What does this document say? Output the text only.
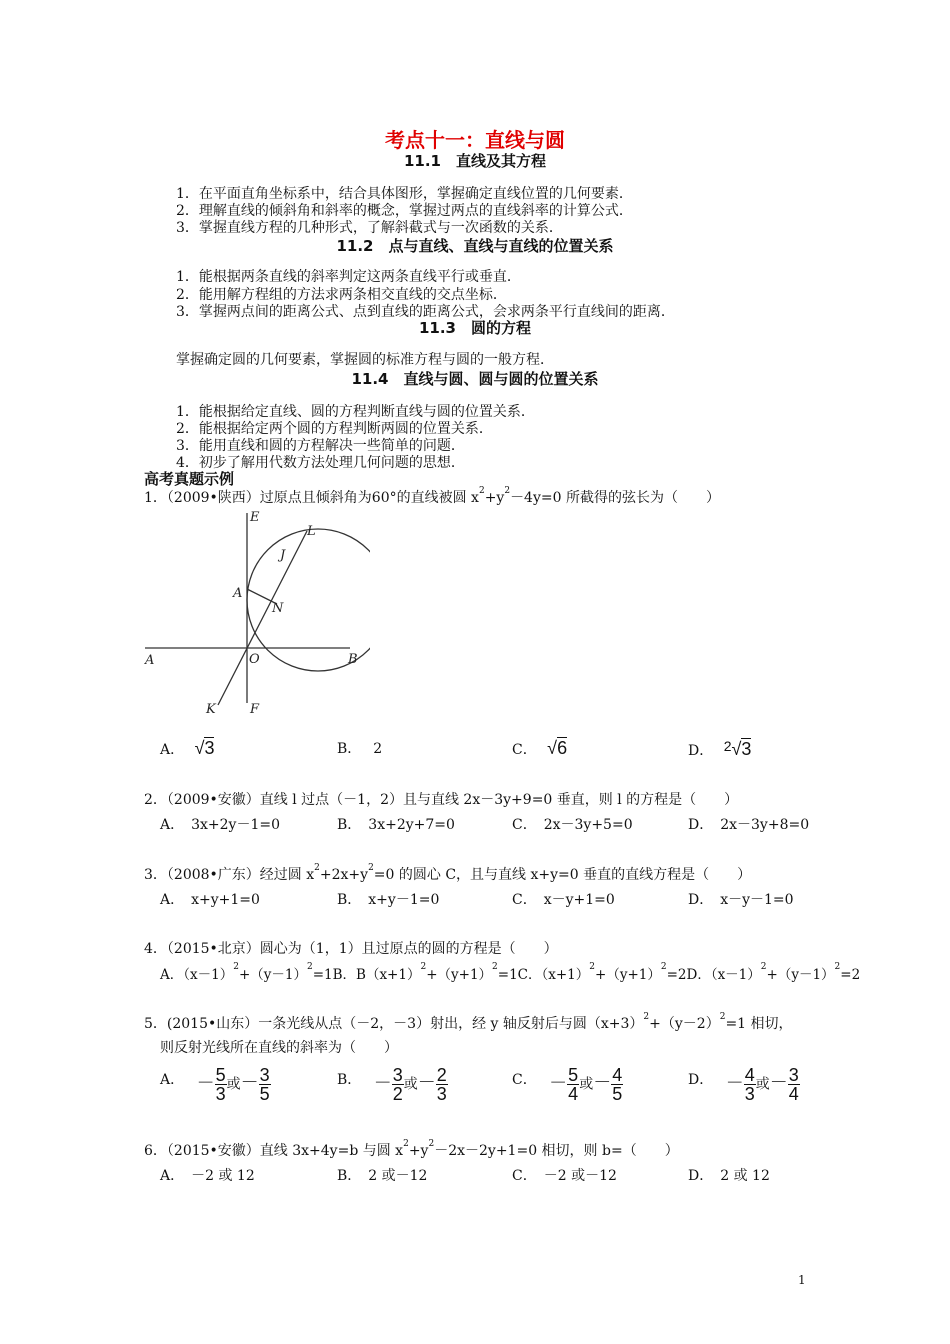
考点十一：直线与圆
11.1　直线及其方程
1．在平面直角坐标系中，结合具体图形，掌握确定直线位置的几何要素．
2．理解直线的倾斜角和斜率的概念，掌握过两点的直线斜率的计算公式．
3．掌握直线方程的几种形式，了解斜截式与一次函数的关系．
11.2　点与直线、直线与直线的位置关系
1．能根据两条直线的斜率判定这两条直线平行或垂直．
2．能用解方程组的方法求两条相交直线的交点坐标．
3．掌握两点间的距离公式、点到直线的距离公式，会求两条平行直线间的距离．
11.3　圆的方程
掌握确定圆的几何要素，掌握圆的标准方程与圆的一般方程．
11.4　直线与圆、圆与圆的位置关系
1．能根据给定直线、圆的方程判断直线与圆的位置关系．
2．能根据给定两个圆的方程判断两圆的位置关系．
3．能用直线和圆的方程解决一些简单的问题．
4．初步了解用代数方法处理几何问题的思想．
高考真题示例
1．（2009•陕西）过原点且倾斜角为60°的直线被圆 $x^2+y^2-4y=0$ 所截得的弦长为（　　）
E
L
J
A
N
A	O	B
K	F
A． √3	B． 2	C． √6	D． $^2$√3
2．（2009•安徽）直线 l 过点（－1，2）且与直线 2x－3y+9=0 垂直，则 l 的方程是（　　）
A．　3x+2y－1=0	B．　3x+2y+7=0	C．　2x－3y+5=0	D．　2x－3y+8=0
3．（2008•广东）经过圆 $x^2+2x+y^2=0$ 的圆心 C，且与直线 x+y=0 垂直的直线方程是（　　）
A．　x+y+1=0	B．　x+y－1=0	C．　x－y+1=0	D．　x－y－1=0
4．（2015•北京）圆心为（1，1）且过原点的圆的方程是（　　）
A．$(x-1)^2+(y-1)^2=1B$．$B(x+1)^2+(y+1)^2=1C$．$(x+1)^2+(y+1)^2=2D$．$(x-1)^2+(y-1)^2=2$
5．(2015•山东）一条光线从点（－2，－3）射出，经 y 轴反射后与圆$(x+3)^2+(y-2)^2=1$ 相切，
则反射光线所在直线的斜率为（　　）
A． － $\frac{5}{3}$ 或－ $\frac{3}{5}$	B． － $\frac{3}{2}$ 或－ $\frac{2}{3}$	C． － $\frac{5}{4}$ 或－ $\frac{4}{5}$	D． － $\frac{4}{3}$ 或－ $\frac{3}{4}$
6．（2015•安徽）直线 3x+4y=b 与圆 $x^2+y^2-2x-2y+1=0$ 相切，则 b=（　　）
A．　－2 或 12	B．　2 或－12	C．　－2 或－12	D．　2 或 12
1
